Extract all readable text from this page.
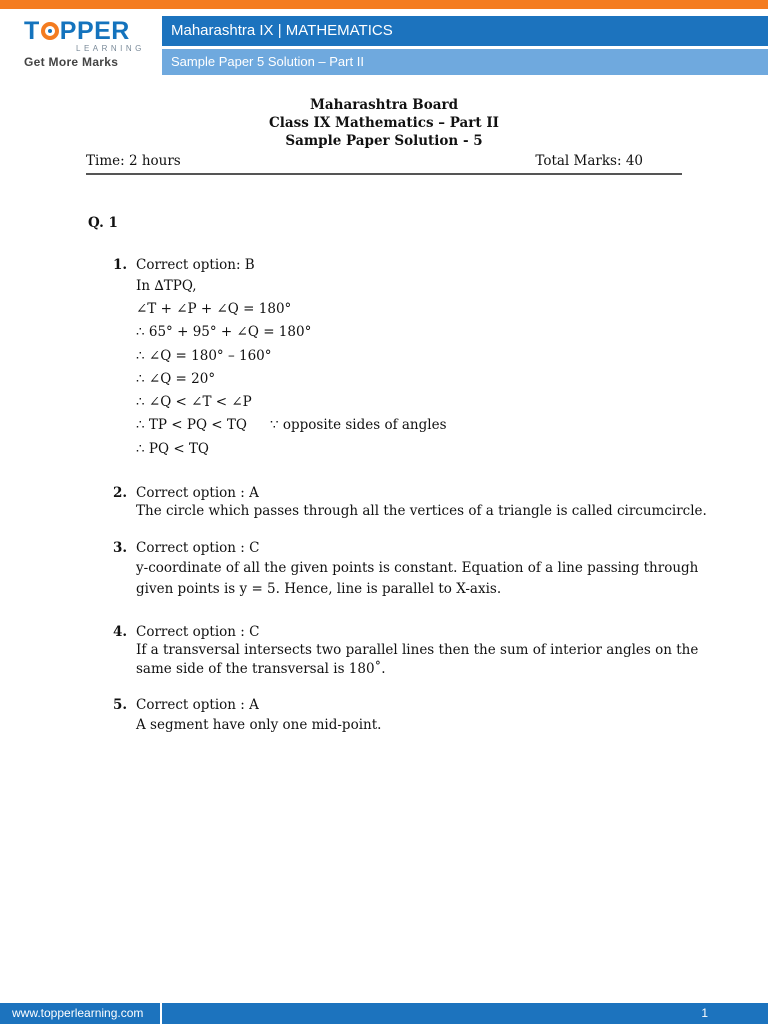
T PPER
LEARNING
Get More Marks
Maharashtra IX | MATHEMATICS
Sample Paper 5 Solution – Part II
Maharashtra Board
Class IX Mathematics – Part II
Sample Paper Solution - 5
Time: 2 hours	Total Marks: 40
Q. 1
1. Correct option: B
In ∆TPQ,
∠T + ∠P + ∠Q = 180°
∴ 65° + 95° + ∠Q = 180°
∴ ∠Q = 180° – 160°
∴ ∠Q = 20°
∴ ∠Q < ∠T < ∠P
∴ TP < PQ < TQ ∵ opposite sides of angles
∴ PQ < TQ
2. Correct option : A
The circle which passes through all the vertices of a triangle is called circumcircle.
3. Correct option : C
y-coordinate of all the given points is constant. Equation of a line passing through
given points is y = 5. Hence, line is parallel to X-axis.
4. Correct option : C
If a transversal intersects two parallel lines then the sum of interior angles on the
same side of the transversal is 180˚.
5. Correct option : A
A segment have only one mid-point.
www.topperlearning.com	1
